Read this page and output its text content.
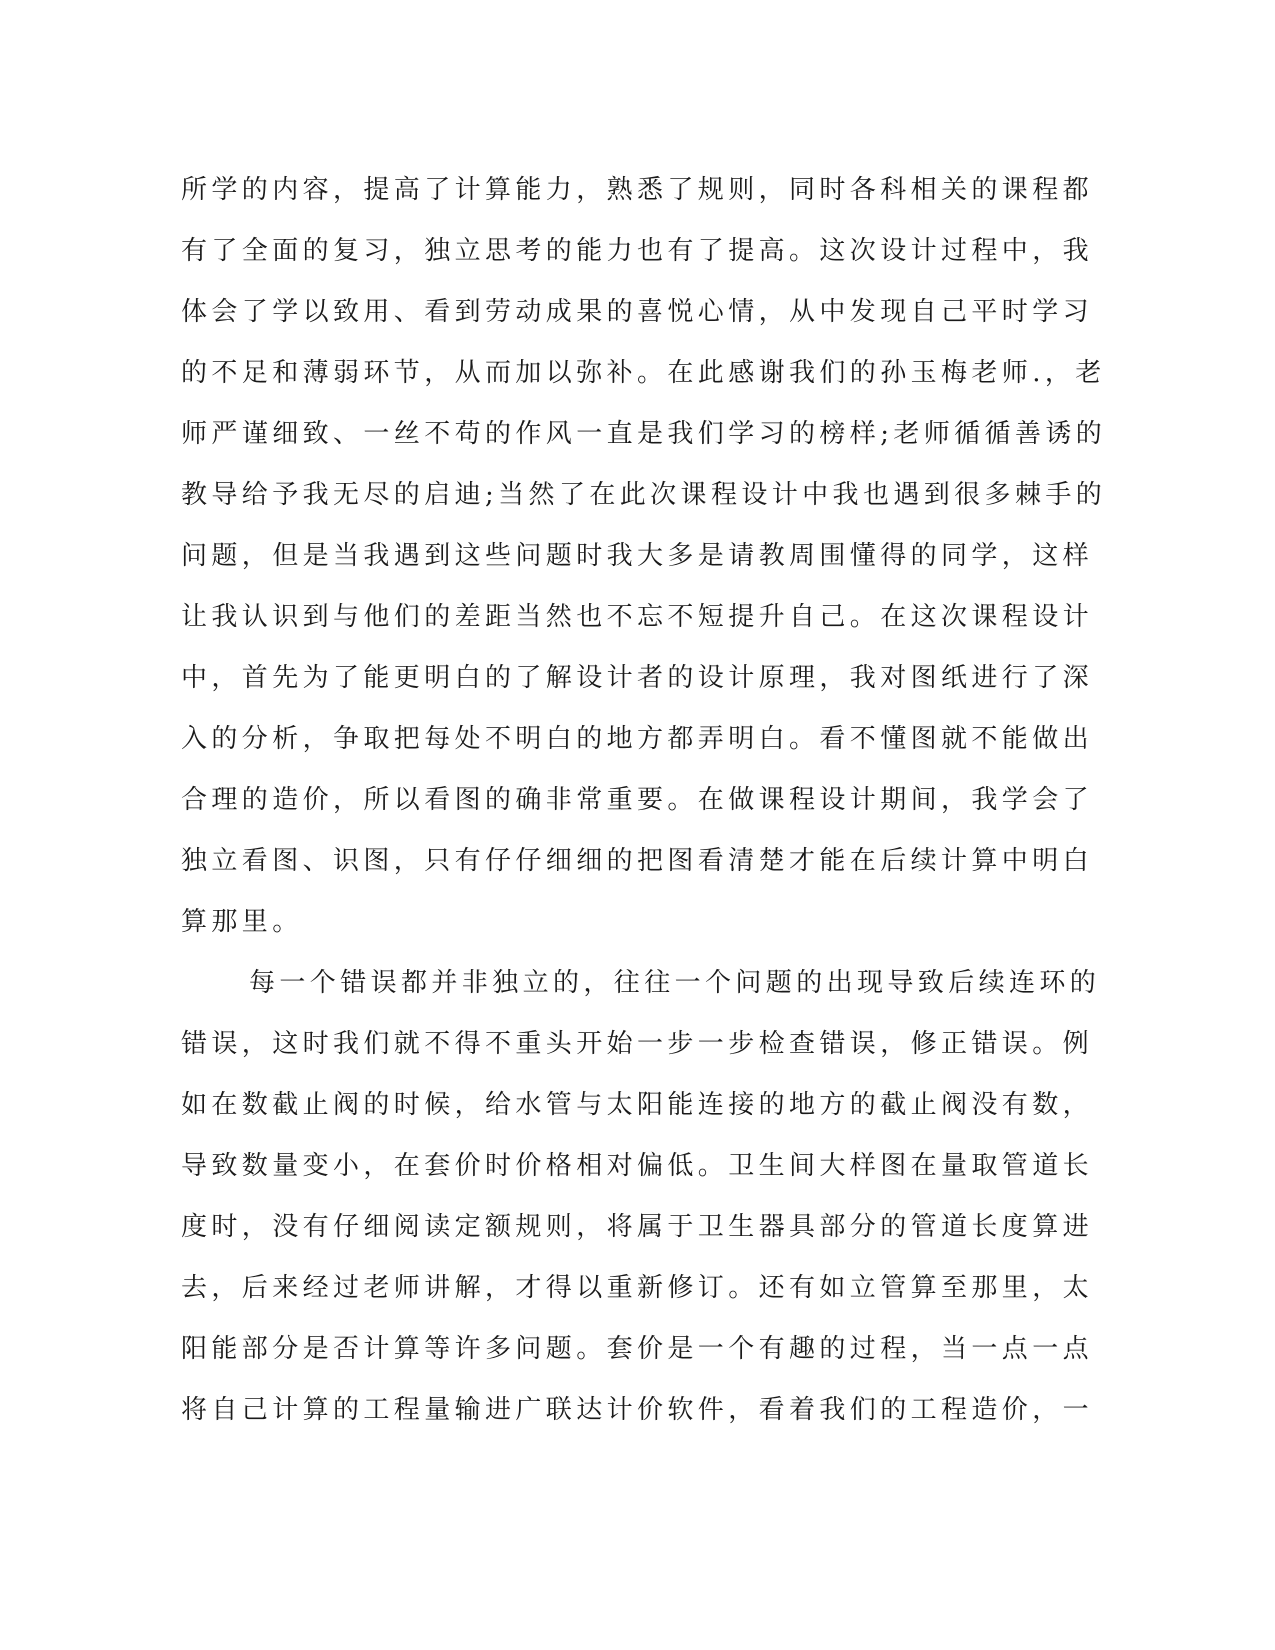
所学的内容，提高了计算能力，熟悉了规则，同时各科相关的课程都
有了全面的复习，独立思考的能力也有了提高。这次设计过程中，我
体会了学以致用、看到劳动成果的喜悦心情，从中发现自己平时学习
的不足和薄弱环节，从而加以弥补。在此感谢我们的孙玉梅老师.，老
师严谨细致、一丝不苟的作风一直是我们学习的榜样;老师循循善诱的
教导给予我无尽的启迪;当然了在此次课程设计中我也遇到很多棘手的
问题，但是当我遇到这些问题时我大多是请教周围懂得的同学，这样
让我认识到与他们的差距当然也不忘不短提升自己。在这次课程设计
中，首先为了能更明白的了解设计者的设计原理，我对图纸进行了深
入的分析，争取把每处不明白的地方都弄明白。看不懂图就不能做出
合理的造价，所以看图的确非常重要。在做课程设计期间，我学会了
独立看图、识图，只有仔仔细细的把图看清楚才能在后续计算中明白
算那里。
每一个错误都并非独立的，往往一个问题的出现导致后续连环的
错误，这时我们就不得不重头开始一步一步检查错误，修正错误。例
如在数截止阀的时候，给水管与太阳能连接的地方的截止阀没有数，
导致数量变小，在套价时价格相对偏低。卫生间大样图在量取管道长
度时，没有仔细阅读定额规则，将属于卫生器具部分的管道长度算进
去，后来经过老师讲解，才得以重新修订。还有如立管算至那里，太
阳能部分是否计算等许多问题。套价是一个有趣的过程，当一点一点
将自己计算的工程量输进广联达计价软件，看着我们的工程造价，一
